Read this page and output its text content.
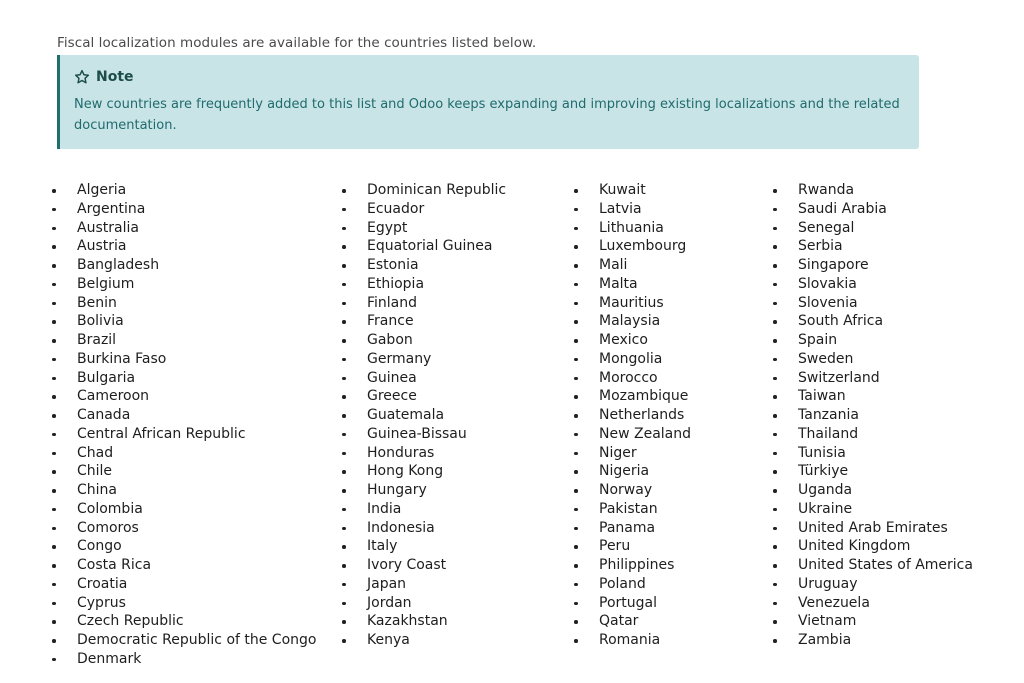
Fiscal localization modules are available for the countries listed below.

Note

New countries are frequently added to this list and Odoo keeps expanding and improving existing localizations and the related documentation.

Algeria
Argentina
Australia
Austria
Bangladesh
Belgium
Benin
Bolivia
Brazil
Burkina Faso
Bulgaria
Cameroon
Canada
Central African Republic
Chad
Chile
China
Colombia
Comoros
Congo
Costa Rica
Croatia
Cyprus
Czech Republic
Democratic Republic of the Congo
Denmark
Dominican Republic
Ecuador
Egypt
Equatorial Guinea
Estonia
Ethiopia
Finland
France
Gabon
Germany
Guinea
Greece
Guatemala
Guinea-Bissau
Honduras
Hong Kong
Hungary
India
Indonesia
Italy
Ivory Coast
Japan
Jordan
Kazakhstan
Kenya
Kuwait
Latvia
Lithuania
Luxembourg
Mali
Malta
Mauritius
Malaysia
Mexico
Mongolia
Morocco
Mozambique
Netherlands
New Zealand
Niger
Nigeria
Norway
Pakistan
Panama
Peru
Philippines
Poland
Portugal
Qatar
Romania
Rwanda
Saudi Arabia
Senegal
Serbia
Singapore
Slovakia
Slovenia
South Africa
Spain
Sweden
Switzerland
Taiwan
Tanzania
Thailand
Tunisia
Türkiye
Uganda
Ukraine
United Arab Emirates
United Kingdom
United States of America
Uruguay
Venezuela
Vietnam
Zambia
